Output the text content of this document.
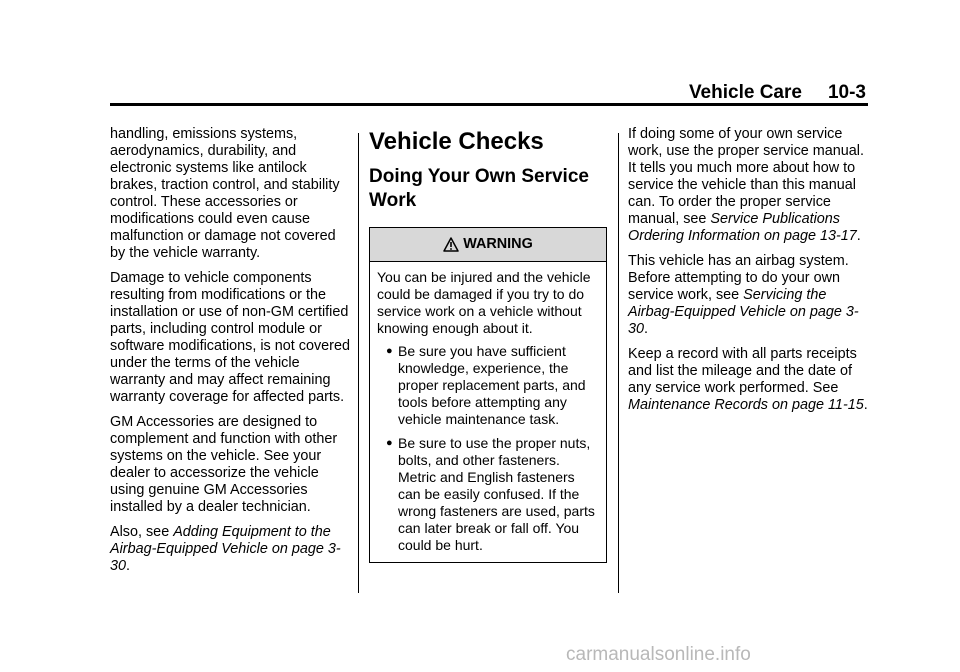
Vehicle Care 10-3

handling, emissions systems, aerodynamics, durability, and electronic systems like antilock brakes, traction control, and stability control. These accessories or modifications could even cause malfunction or damage not covered by the vehicle warranty.

Damage to vehicle components resulting from modifications or the installation or use of non-GM certified parts, including control module or software modifications, is not covered under the terms of the vehicle warranty and may affect remaining warranty coverage for affected parts.

GM Accessories are designed to complement and function with other systems on the vehicle. See your dealer to accessorize the vehicle using genuine GM Accessories installed by a dealer technician.

Also, see Adding Equipment to the Airbag-Equipped Vehicle on page 3-30.

Vehicle Checks
Doing Your Own Service Work
WARNING

You can be injured and the vehicle could be damaged if you try to do service work on a vehicle without knowing enough about it.

● Be sure you have sufficient knowledge, experience, the proper replacement parts, and tools before attempting any vehicle maintenance task.
● Be sure to use the proper nuts, bolts, and other fasteners. Metric and English fasteners can be easily confused. If the wrong fasteners are used, parts can later break or fall off. You could be hurt.

If doing some of your own service work, use the proper service manual. It tells you much more about how to service the vehicle than this manual can. To order the proper service manual, see Service Publications Ordering Information on page 13-17.

This vehicle has an airbag system. Before attempting to do your own service work, see Servicing the Airbag-Equipped Vehicle on page 3-30.

Keep a record with all parts receipts and list the mileage and the date of any service work performed. See Maintenance Records on page 11-15.

carmanualsonline.info
